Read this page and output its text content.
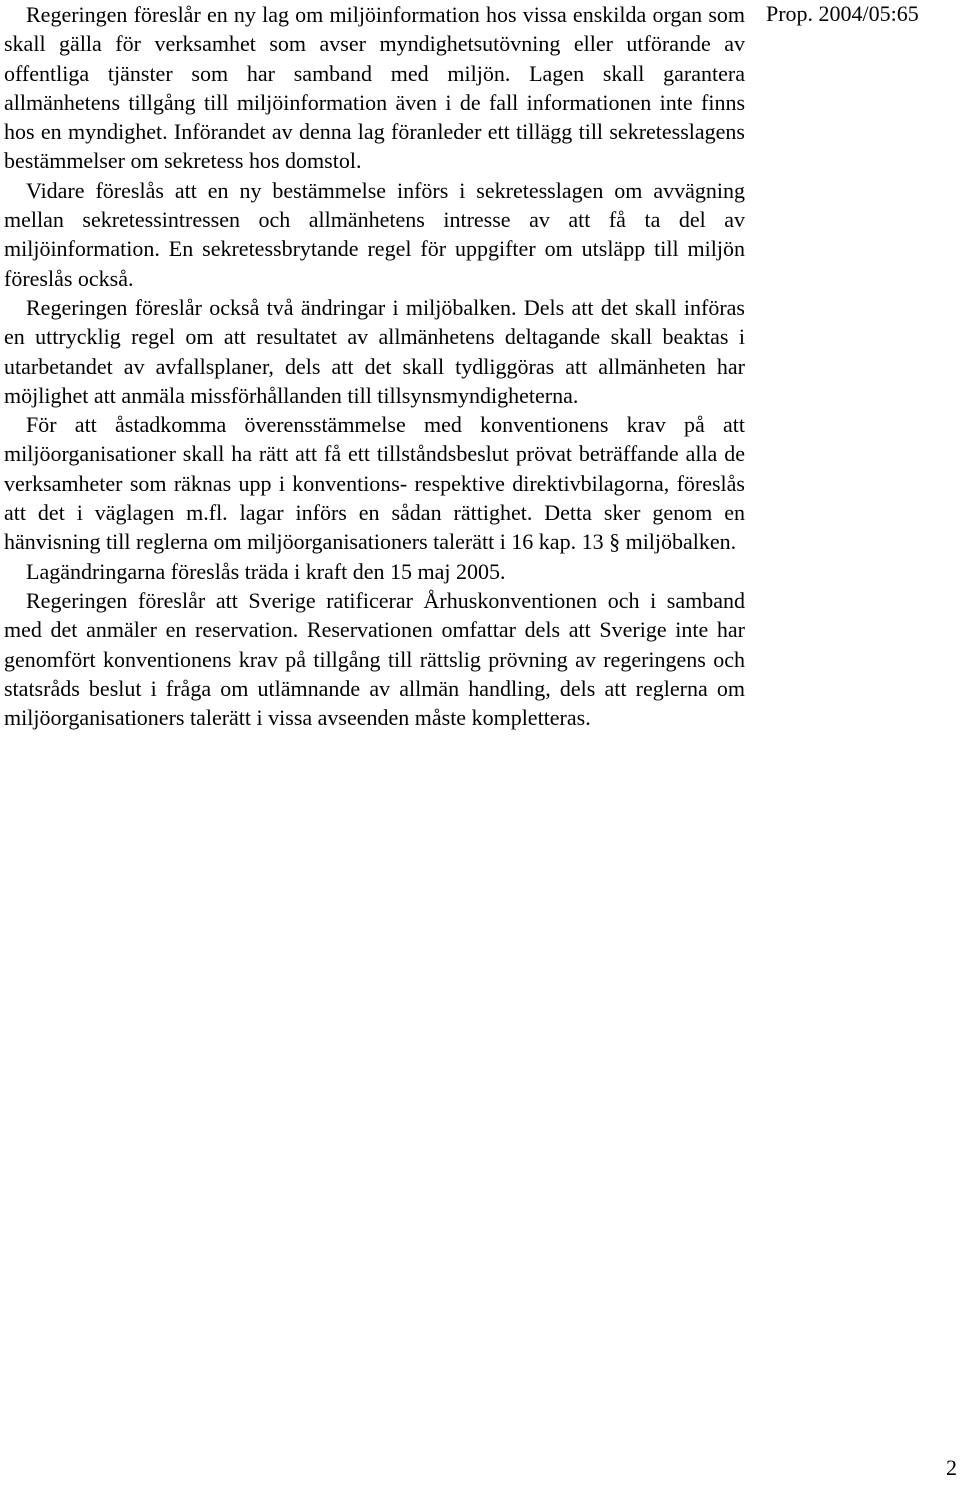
Prop. 2004/05:65

Regeringen föreslår en ny lag om miljöinformation hos vissa enskilda organ som skall gälla för verksamhet som avser myndighetsutövning eller utförande av offentliga tjänster som har samband med miljön. Lagen skall garantera allmänhetens tillgång till miljöinformation även i de fall informationen inte finns hos en myndighet. Införandet av denna lag föranleder ett tillägg till sekretesslagens bestämmelser om sekretess hos domstol.

Vidare föreslås att en ny bestämmelse införs i sekretesslagen om avvägning mellan sekretessintressen och allmänhetens intresse av att få ta del av miljöinformation. En sekretessbrytande regel för uppgifter om utsläpp till miljön föreslås också.

Regeringen föreslår också två ändringar i miljöbalken. Dels att det skall införas en uttrycklig regel om att resultatet av allmänhetens deltagande skall beaktas i utarbetandet av avfallsplaner, dels att det skall tydliggöras att allmänheten har möjlighet att anmäla missförhållanden till tillsynsmyndigheterna.

För att åstadkomma överensstämmelse med konventionens krav på att miljöorganisationer skall ha rätt att få ett tillståndsbeslut prövat beträffande alla de verksamheter som räknas upp i konventions- respektive direktivbilagorna, föreslås att det i väglagen m.fl. lagar införs en sådan rättighet. Detta sker genom en hänvisning till reglerna om miljöorganisationers talerätt i 16 kap. 13 § miljöbalken.

Lagändringarna föreslås träda i kraft den 15 maj 2005.

Regeringen föreslår att Sverige ratificerar Århuskonventionen och i samband med det anmäler en reservation. Reservationen omfattar dels att Sverige inte har genomfört konventionens krav på tillgång till rättslig prövning av regeringens och statsråds beslut i fråga om utlämnande av allmän handling, dels att reglerna om miljöorganisationers talerätt i vissa avseenden måste kompletteras.

2
